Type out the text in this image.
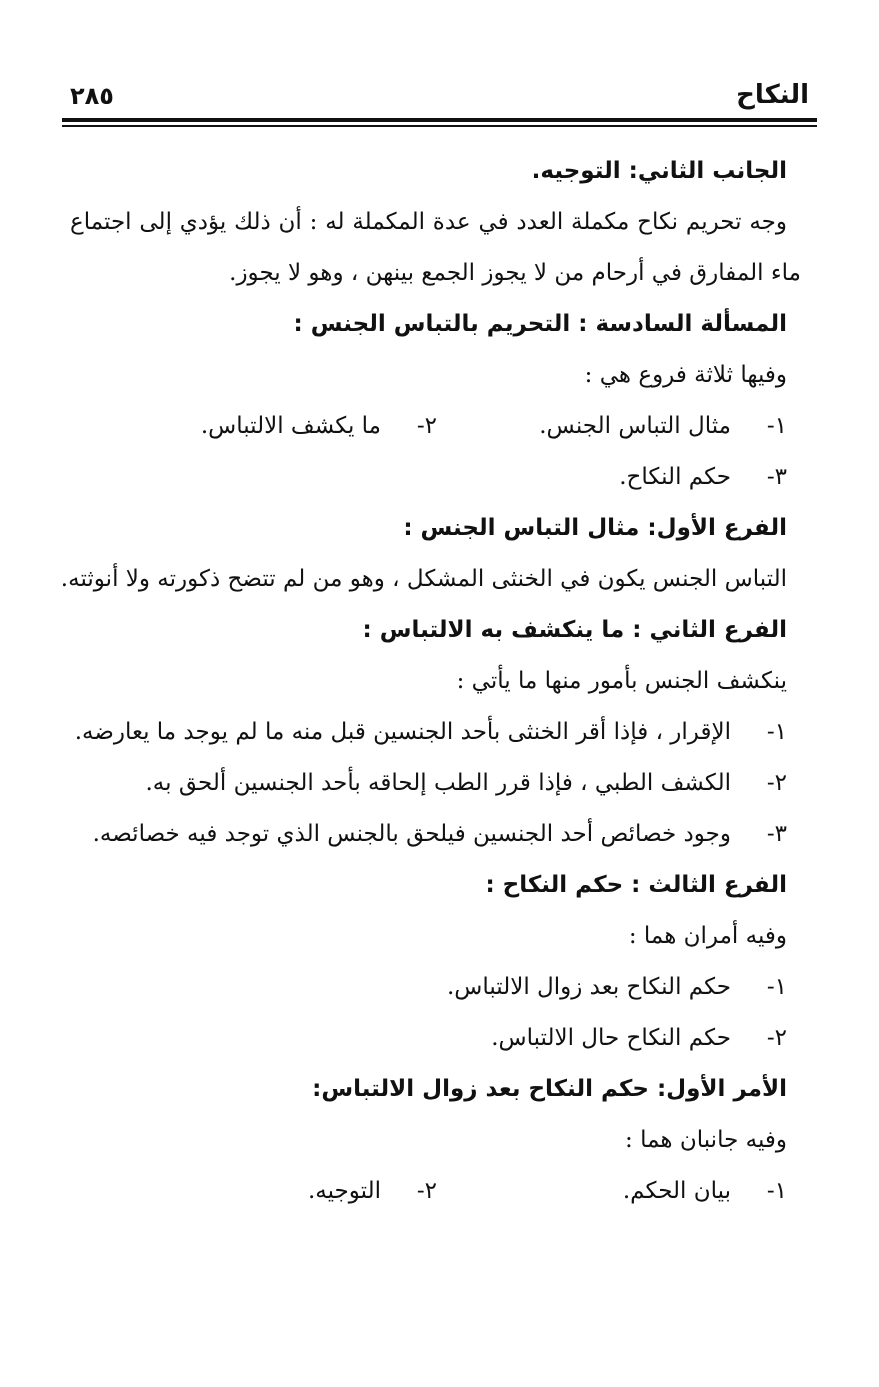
النكاح
٢٨٥
الجانب الثاني: التوجيه.
وجه تحريم نكاح مكملة العدد في عدة المكملة له : أن ذلك يؤدي إلى اجتماع
ماء المفارق في أرحام من لا يجوز الجمع بينهن ، وهو لا يجوز.
المسألة السادسة : التحريم بالتباس الجنس :
وفيها ثلاثة فروع هي :
١-مثال التباس الجنس.
٢-ما يكشف الالتباس.
٣-حكم النكاح.
الفرع الأول: مثال التباس الجنس :
التباس الجنس يكون في الخنثى المشكل ، وهو من لم تتضح ذكورته ولا أنوثته.
الفرع الثاني : ما ينكشف به الالتباس :
ينكشف الجنس بأمور منها ما يأتي :
١-الإقرار ، فإذا أقر الخنثى بأحد الجنسين قبل منه ما لم يوجد ما يعارضه.
٢-الكشف الطبي ، فإذا قرر الطب إلحاقه بأحد الجنسين ألحق به.
٣-وجود خصائص أحد الجنسين فيلحق بالجنس الذي توجد فيه خصائصه.
الفرع الثالث : حكم النكاح :
وفيه أمران هما :
١-حكم النكاح بعد زوال الالتباس.
٢-حكم النكاح حال الالتباس.
الأمر الأول: حكم النكاح بعد زوال الالتباس:
وفيه جانبان هما :
١-بيان الحكم.
٢-التوجيه.
